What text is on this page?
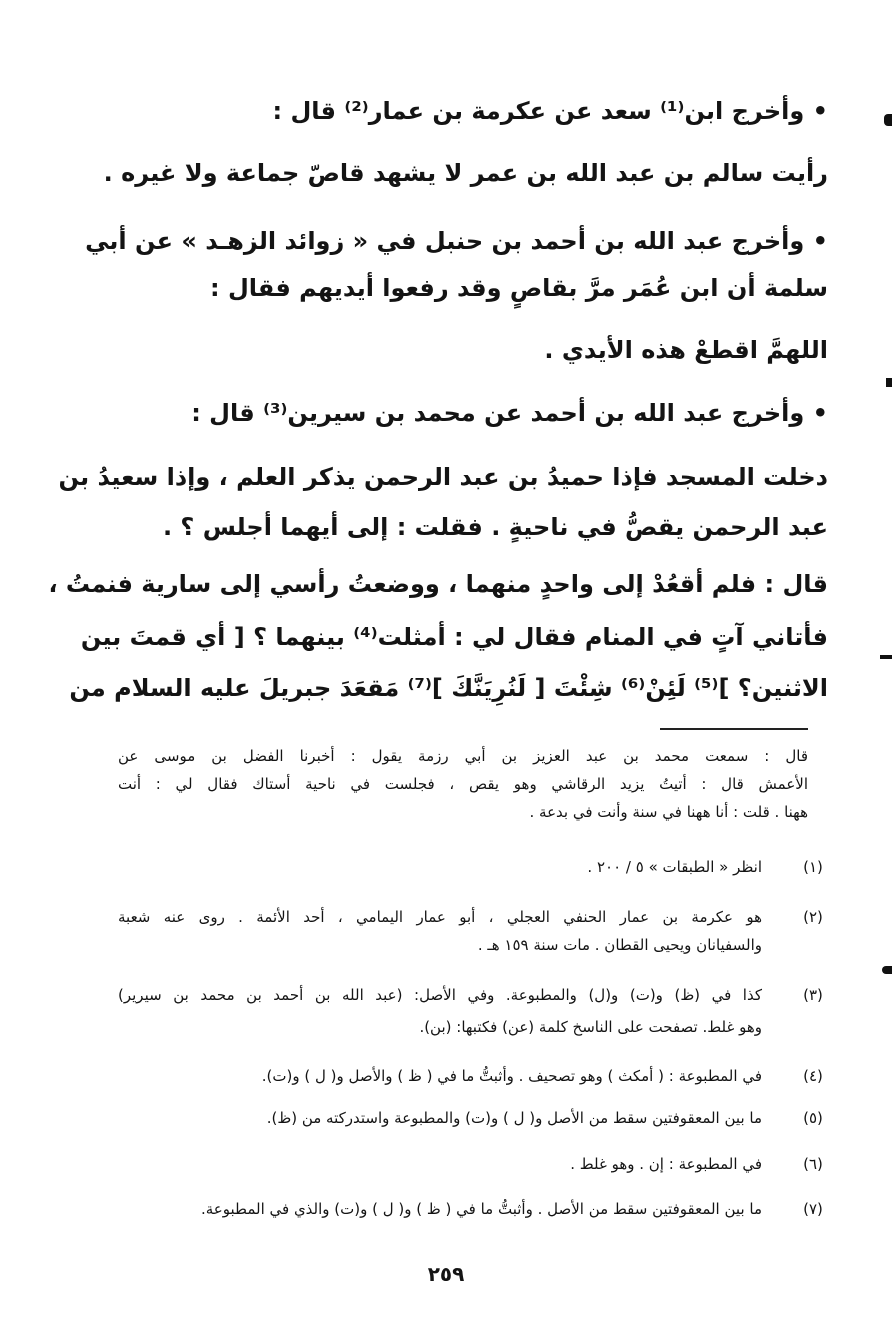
• وأخرج ابن⁽¹⁾ سعد عن عكرمة بن عمار⁽²⁾ قال :
رأيت سالم بن عبد الله بن عمر لا يشهد قاصّ جماعة ولا غيره .
• وأخرج عبد الله بن أحمد بن حنبل في « زوائد الزهـد » عن أبي
سلمة أن ابن عُمَر مرَّ بقاصٍ وقد رفعوا أيديهم فقال :
اللهمَّ اقطعْ هذه الأيدي .
• وأخرج عبد الله بن أحمد عن محمد بن سيرين⁽³⁾ قال :
دخلت المسجد فإذا حميدُ بن عبد الرحمن يذكر العلم ، وإذا سعيدُ بن
عبد الرحمن يقصُّ في ناحيةٍ . فقلت : إلى أيهما أجلس ؟ .
قال : فلم أقعُدْ إلى واحدٍ منهما ، ووضعتُ رأسي إلى سارية فنمتُ ،
فأتاني آتٍ في المنام فقال لي : أمثلت⁽⁴⁾ بينهما ؟ [ أي قمتَ بين
الاثنين؟ ]⁽⁵⁾ لَئِنْ⁽⁶⁾ شِئْتَ [ لَنُرِيَنَّكَ ]⁽⁷⁾ مَقعَدَ جبريلَ عليه السلام من
قال : سمعت محمد بن عبد العزيز بن أبي رزمة يقول : أخبرنا الفضل بن موسى عن
الأعمش قال : أتيتُ يزيد الرقاشي وهو يقص ، فجلست في ناحية أستاك فقال لي : أنت
ههنا . قلت : أنا ههنا في سنة وأنت في بدعة .
(١)
انظر « الطبقات » ٥ / ٢٠٠ .
(٢)
هو عكرمة بن عمار الحنفي العجلي ، أبو عمار اليمامي ، أحد الأئمة . روى عنه شعبة
والسفيانان ويحيى القطان . مات سنة ١٥٩ هـ .
(٣)
كذا في (ظ) و(ت) و(ل) والمطبوعة. وفي الأصل: (عبد الله بن أحمد بن محمد بن سيرير)
وهو غلط. تصفحت على الناسخ كلمة (عن) فكتبها: (بن).
(٤)
في المطبوعة : ( أمكث ) وهو تصحيف . وأثبتُّ ما في ( ظ ) والأصل و( ل ) و(ت).
(٥)
ما بين المعقوفتين سقط من الأصل و( ل ) و(ت) والمطبوعة واستدركته من (ظ).
(٦)
في المطبوعة : إن . وهو غلط .
(٧)
ما بين المعقوفتين سقط من الأصل . وأثبتُّ ما في ( ظ ) و( ل ) و(ت) والذي في المطبوعة.
٢٥٩
